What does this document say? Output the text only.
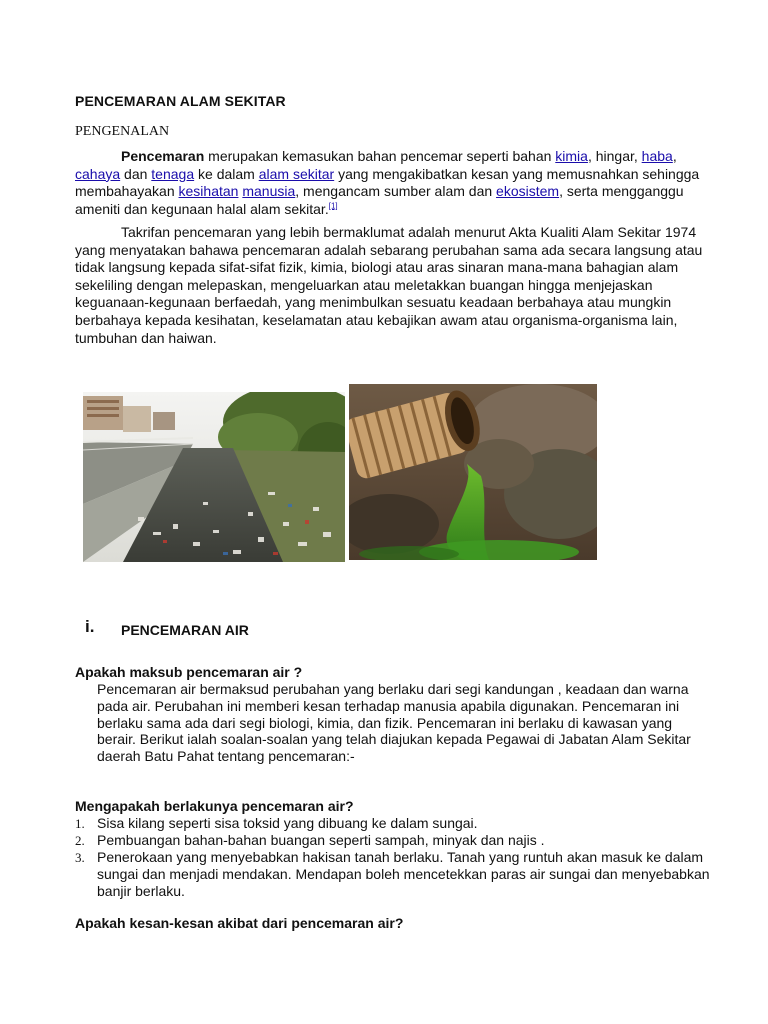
PENCEMARAN ALAM SEKITAR
PENGENALAN
Pencemaran merupakan kemasukan bahan pencemar seperti bahan kimia, hingar, haba, cahaya dan tenaga ke dalam alam sekitar yang mengakibatkan kesan yang memusnahkan sehingga membahayakan kesihatan manusia, mengancam sumber alam dan ekosistem, serta mengganggu ameniti dan kegunaan halal alam sekitar.[1]
Takrifan pencemaran yang lebih bermaklumat adalah menurut Akta Kualiti Alam Sekitar 1974 yang menyatakan bahawa pencemaran adalah sebarang perubahan sama ada secara langsung atau tidak langsung kepada sifat-sifat fizik, kimia, biologi atau aras sinaran mana-mana bahagian alam sekeliling dengan melepaskan, mengeluarkan atau meletakkan buangan hingga menjejaskan keguanaan-kegunaan berfaedah, yang menimbulkan sesuatu keadaan berbahaya atau mungkin berbahaya kepada kesihatan, keselamatan atau kebajikan awam atau organisma-organisma lain, tumbuhan dan haiwan.
i. PENCEMARAN AIR
Apakah maksub pencemaran air ?
Pencemaran air bermaksud perubahan yang berlaku dari segi kandungan , keadaan dan warna pada air. Perubahan ini memberi kesan terhadap manusia apabila digunakan. Pencemaran ini berlaku sama ada dari segi biologi, kimia, dan fizik. Pencemaran ini berlaku di kawasan yang berair. Berikut ialah soalan-soalan yang telah diajukan kepada Pegawai di Jabatan Alam Sekitar daerah Batu Pahat tentang pencemaran:-
Mengapakah berlakunya pencemaran air?
1. Sisa kilang seperti sisa toksid yang dibuang ke dalam sungai.
2. Pembuangan bahan-bahan buangan seperti sampah, minyak dan najis .
3. Penerokaan yang menyebabkan hakisan tanah berlaku. Tanah yang runtuh akan masuk ke dalam sungai dan menjadi mendakan. Mendapan boleh mencetekkan paras air sungai dan menyebabkan banjir berlaku.
Apakah kesan-kesan akibat dari pencemaran air?
